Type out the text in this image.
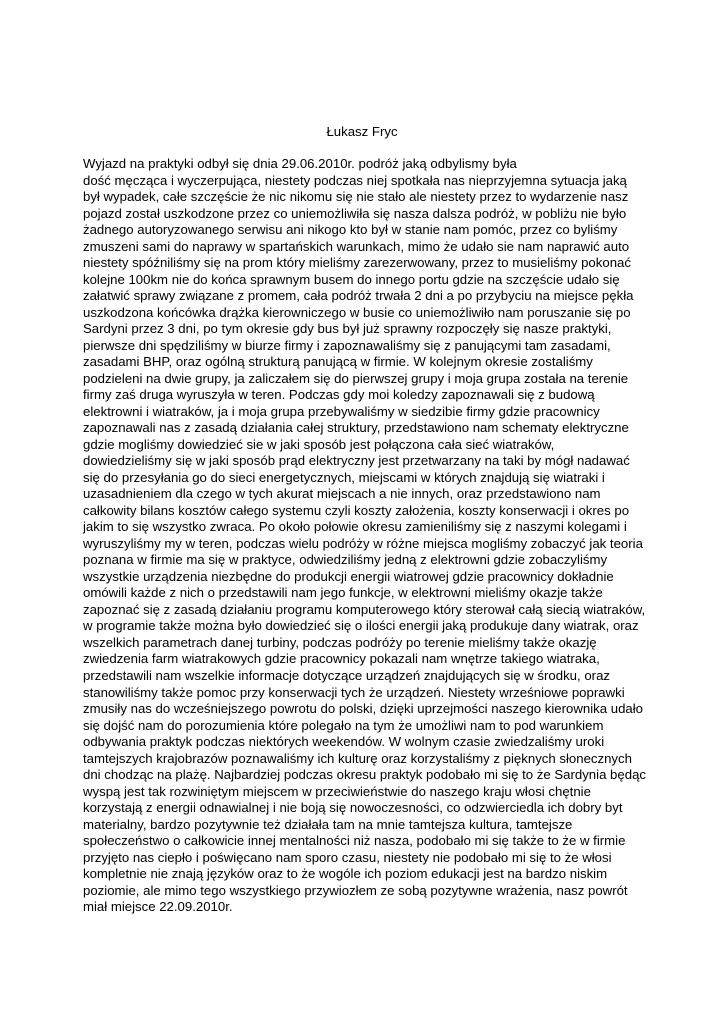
Łukasz Fryc
Wyjazd na praktyki odbył się dnia 29.06.2010r. podróż jaką odbylismy była
dość męcząca i wyczerpująca, niestety podczas niej spotkała nas nieprzyjemna sytuacja jaką
był wypadek, całe szczęście że nic nikomu się nie stało ale niestety przez to wydarzenie nasz
pojazd został uszkodzone przez co uniemożliwiła się nasza dalsza podróż, w pobliżu nie było
żadnego autoryzowanego serwisu ani nikogo kto był w stanie nam pomóc, przez co byliśmy
zmuszeni sami do naprawy w spartańskich warunkach, mimo że udało sie nam naprawić auto
niestety spóźniliśmy się na prom który mieliśmy zarezerwowany, przez to musieliśmy pokonać
kolejne 100km nie do końca sprawnym busem do innego portu gdzie na szczęście udało się
załatwić sprawy związane z promem, cała podróż trwała 2 dni a po przybyciu na miejsce pękła
uszkodzona końcówka drążka kierowniczego w busie co uniemożliwiło nam poruszanie się po
Sardyni przez 3 dni, po tym okresie gdy bus był już sprawny rozpoczęły się nasze praktyki,
pierwsze dni spędziliśmy w biurze firmy i zapoznawaliśmy się z panującymi tam zasadami,
zasadami BHP, oraz ogólną strukturą panującą w firmie. W kolejnym okresie zostaliśmy
podzieleni na dwie grupy, ja zaliczałem się do pierwszej grupy i moja grupa została na terenie
firmy zaś druga wyruszyła w teren. Podczas gdy moi koledzy zapoznawali się z budową
elektrowni i wiatraków, ja i moja grupa przebywaliśmy w siedzibie firmy gdzie pracownicy
zapoznawali nas z zasadą działania całej struktury, przedstawiono nam schematy elektryczne
gdzie mogliśmy dowiedzieć sie w jaki sposób jest połączona cała sieć wiatraków,
dowiedzieliśmy się w jaki sposób prąd elektryczny jest przetwarzany na taki by mógł nadawać
się do przesyłania go do sieci energetycznych, miejscami w których znajdują się wiatraki i
uzasadnieniem dla czego w tych akurat miejscach a nie innych, oraz przedstawiono nam
całkowity bilans kosztów całego systemu czyli koszty założenia, koszty konserwacji i okres po
jakim to się wszystko zwraca. Po około połowie okresu zamieniliśmy się z naszymi kolegami i
wyruszyliśmy my w teren, podczas wielu podróży w różne miejsca mogliśmy zobaczyć jak teoria
poznana w firmie ma się w praktyce, odwiedziliśmy jedną z elektrowni gdzie zobaczyliśmy
wszystkie urządzenia niezbędne do produkcji energii wiatrowej gdzie pracownicy dokładnie
omówili każde z nich o przedstawili nam jego funkcje, w elektrowni mieliśmy okazje także
zapoznać się z zasadą działaniu programu komputerowego który sterował całą siecią wiatraków,
w programie także można było dowiedzieć się o ilości energii jaką produkuje dany wiatrak, oraz
wszelkich parametrach danej turbiny, podczas podróży po terenie mieliśmy także okazję
zwiedzenia farm wiatrakowych gdzie pracownicy pokazali nam wnętrze takiego wiatraka,
przedstawili nam wszelkie informacje dotyczące urządzeń znajdujących się w środku, oraz
stanowiliśmy także pomoc przy konserwacji tych że urządzeń. Niestety wrześniowe poprawki
zmusiły nas do wcześniejszego powrotu do polski, dzięki uprzejmości naszego kierownika udało
się dojść nam do porozumienia które polegało na tym że umożliwi nam to pod warunkiem
odbywania praktyk podczas niektórych weekendów. W wolnym czasie zwiedzaliśmy uroki
tamtejszych krajobrazów poznawaliśmy ich kulturę oraz korzystaliśmy z pięknych słonecznych
dni chodząc na plażę. Najbardziej podczas okresu praktyk podobało mi się to że Sardynia będąc
wyspą jest tak rozwiniętym miejscem w przeciwieństwie do naszego kraju włosi chętnie
korzystają z energii odnawialnej i nie boją się nowoczesności, co odzwierciedla ich dobry byt
materialny, bardzo pozytywnie też działała tam na mnie tamtejsza kultura, tamtejsze
społeczeństwo o całkowicie innej mentalności niż nasza, podobało mi się także to że w firmie
przyjęto nas ciepło i poświęcano nam sporo czasu, niestety nie podobało mi się to że włosi
kompletnie nie znają języków oraz to że wogóle ich poziom edukacji jest na bardzo niskim
poziomie, ale mimo tego wszystkiego przywiozłem ze sobą pozytywne wrażenia, nasz powrót
miał miejsce 22.09.2010r.
